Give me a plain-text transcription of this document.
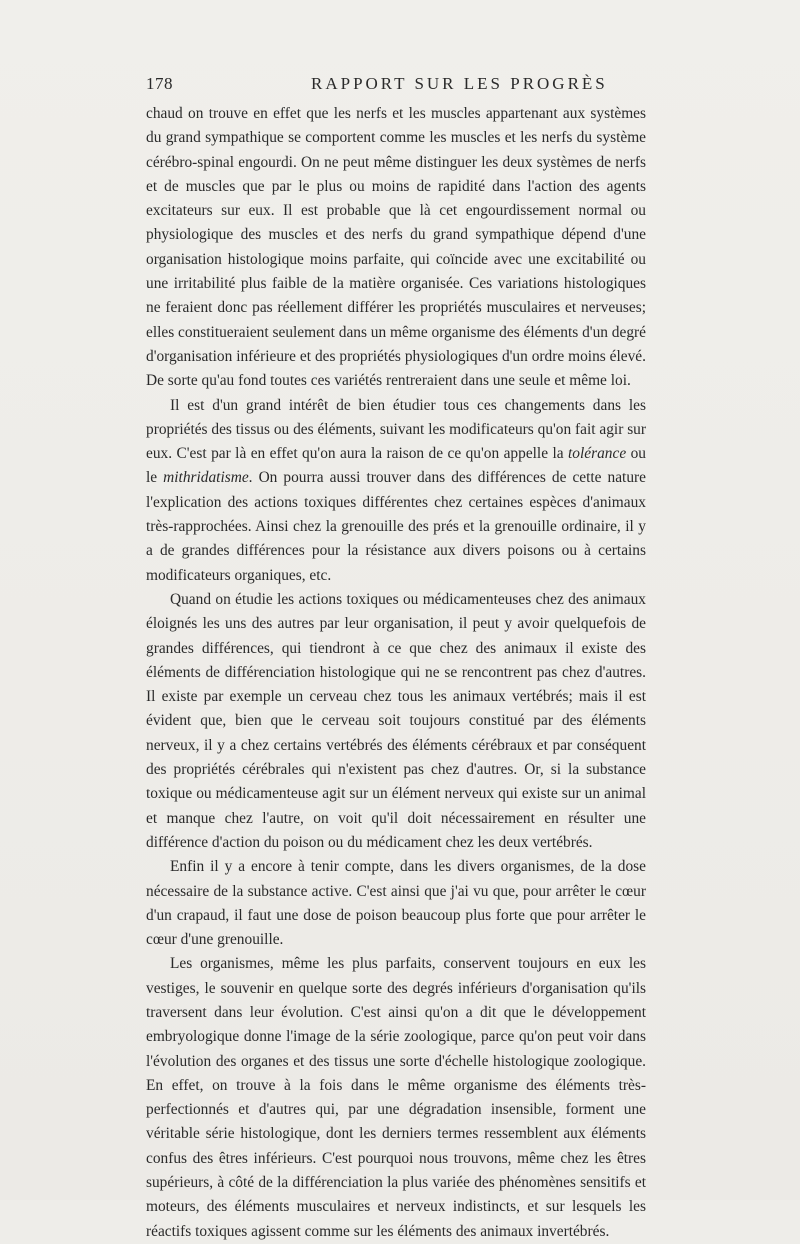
178	RAPPORT SUR LES PROGRÈS

chaud on trouve en effet que les nerfs et les muscles appartenant aux systèmes du grand sympathique se comportent comme les muscles et les nerfs du système cérébro-spinal engourdi. On ne peut même distinguer les deux systèmes de nerfs et de muscles que par le plus ou moins de rapidité dans l'action des agents excitateurs sur eux. Il est probable que là cet engourdissement normal ou physiologique des muscles et des nerfs du grand sympathique dépend d'une organisation histologique moins parfaite, qui coïncide avec une excitabilité ou une irritabilité plus faible de la matière organisée. Ces variations histologiques ne feraient donc pas réellement différer les propriétés musculaires et nerveuses; elles constitueraient seulement dans un même organisme des éléments d'un degré d'organisation inférieure et des propriétés physiologiques d'un ordre moins élevé. De sorte qu'au fond toutes ces variétés rentreraient dans une seule et même loi.

Il est d'un grand intérêt de bien étudier tous ces changements dans les propriétés des tissus ou des éléments, suivant les modificateurs qu'on fait agir sur eux. C'est par là en effet qu'on aura la raison de ce qu'on appelle la tolérance ou le mithridatisme. On pourra aussi trouver dans des différences de cette nature l'explication des actions toxiques différentes chez certaines espèces d'animaux très-rapprochées. Ainsi chez la grenouille des prés et la grenouille ordinaire, il y a de grandes différences pour la résistance aux divers poisons ou à certains modificateurs organiques, etc.

Quand on étudie les actions toxiques ou médicamenteuses chez des animaux éloignés les uns des autres par leur organisation, il peut y avoir quelquefois de grandes différences, qui tiendront à ce que chez des animaux il existe des éléments de différenciation histologique qui ne se rencontrent pas chez d'autres. Il existe par exemple un cerveau chez tous les animaux vertébrés; mais il est évident que, bien que le cerveau soit toujours constitué par des éléments nerveux, il y a chez certains vertébrés des éléments cérébraux et par conséquent des propriétés cérébrales qui n'existent pas chez d'autres. Or, si la substance toxique ou médicamenteuse agit sur un élément nerveux qui existe sur un animal et manque chez l'autre, on voit qu'il doit nécessairement en résulter une différence d'action du poison ou du médicament chez les deux vertébrés.

Enfin il y a encore à tenir compte, dans les divers organismes, de la dose nécessaire de la substance active. C'est ainsi que j'ai vu que, pour arrêter le cœur d'un crapaud, il faut une dose de poison beaucoup plus forte que pour arrêter le cœur d'une grenouille.

Les organismes, même les plus parfaits, conservent toujours en eux les vestiges, le souvenir en quelque sorte des degrés inférieurs d'organisation qu'ils traversent dans leur évolution. C'est ainsi qu'on a dit que le développement embryologique donne l'image de la série zoologique, parce qu'on peut voir dans l'évolution des organes et des tissus une sorte d'échelle histologique zoologique. En effet, on trouve à la fois dans le même organisme des éléments très-perfectionnés et d'autres qui, par une dégradation insensible, forment une véritable série histologique, dont les derniers termes ressemblent aux éléments confus des êtres inférieurs. C'est pourquoi nous trouvons, même chez les êtres supérieurs, à côté de la différenciation la plus variée des phénomènes sensitifs et moteurs, des éléments musculaires et nerveux indistincts, et sur lesquels les réactifs toxiques agissent comme sur les éléments des animaux invertébrés.
